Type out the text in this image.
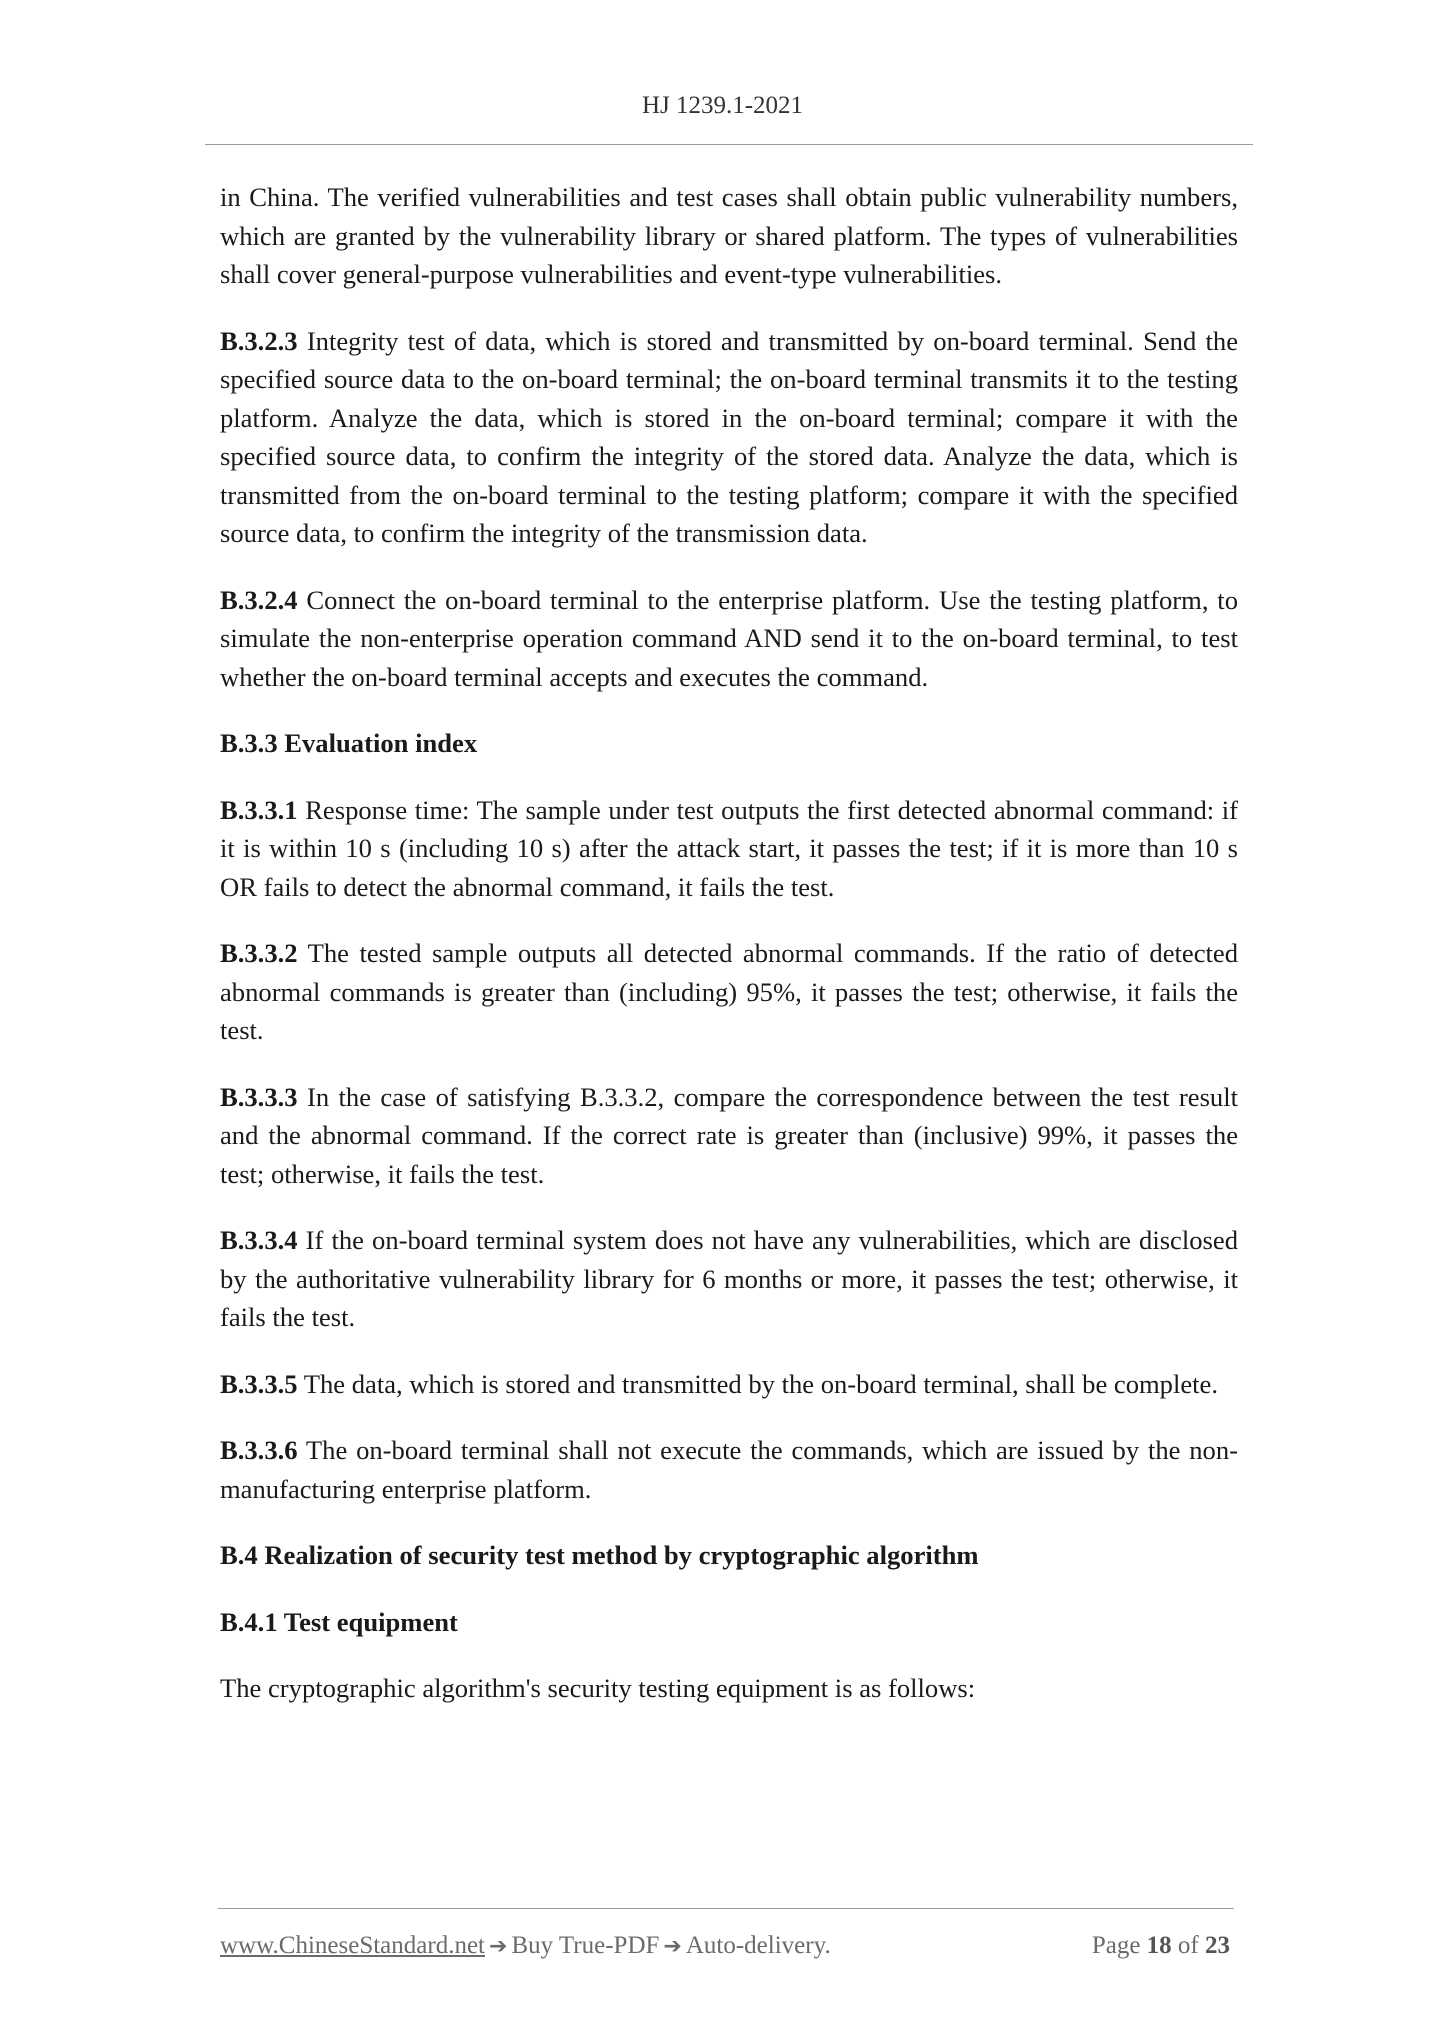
HJ 1239.1-2021

in China. The verified vulnerabilities and test cases shall obtain public vulnerability numbers, which are granted by the vulnerability library or shared platform. The types of vulnerabilities shall cover general-purpose vulnerabilities and event-type vulnerabilities.

B.3.2.3 Integrity test of data, which is stored and transmitted by on-board terminal. Send the specified source data to the on-board terminal; the on-board terminal transmits it to the testing platform. Analyze the data, which is stored in the on-board terminal; compare it with the specified source data, to confirm the integrity of the stored data. Analyze the data, which is transmitted from the on-board terminal to the testing platform; compare it with the specified source data, to confirm the integrity of the transmission data.

B.3.2.4 Connect the on-board terminal to the enterprise platform. Use the testing platform, to simulate the non-enterprise operation command AND send it to the on-board terminal, to test whether the on-board terminal accepts and executes the command.

B.3.3 Evaluation index

B.3.3.1 Response time: The sample under test outputs the first detected abnormal command: if it is within 10 s (including 10 s) after the attack start, it passes the test; if it is more than 10 s OR fails to detect the abnormal command, it fails the test.

B.3.3.2 The tested sample outputs all detected abnormal commands. If the ratio of detected abnormal commands is greater than (including) 95%, it passes the test; otherwise, it fails the test.

B.3.3.3 In the case of satisfying B.3.3.2, compare the correspondence between the test result and the abnormal command. If the correct rate is greater than (inclusive) 99%, it passes the test; otherwise, it fails the test.

B.3.3.4 If the on-board terminal system does not have any vulnerabilities, which are disclosed by the authoritative vulnerability library for 6 months or more, it passes the test; otherwise, it fails the test.

B.3.3.5 The data, which is stored and transmitted by the on-board terminal, shall be complete.

B.3.3.6 The on-board terminal shall not execute the commands, which are issued by the non-manufacturing enterprise platform.

B.4 Realization of security test method by cryptographic algorithm
B.4.1 Test equipment

The cryptographic algorithm's security testing equipment is as follows:

www.ChineseStandard.net ➔ Buy True-PDF ➔ Auto-delivery.	Page 18 of 23
